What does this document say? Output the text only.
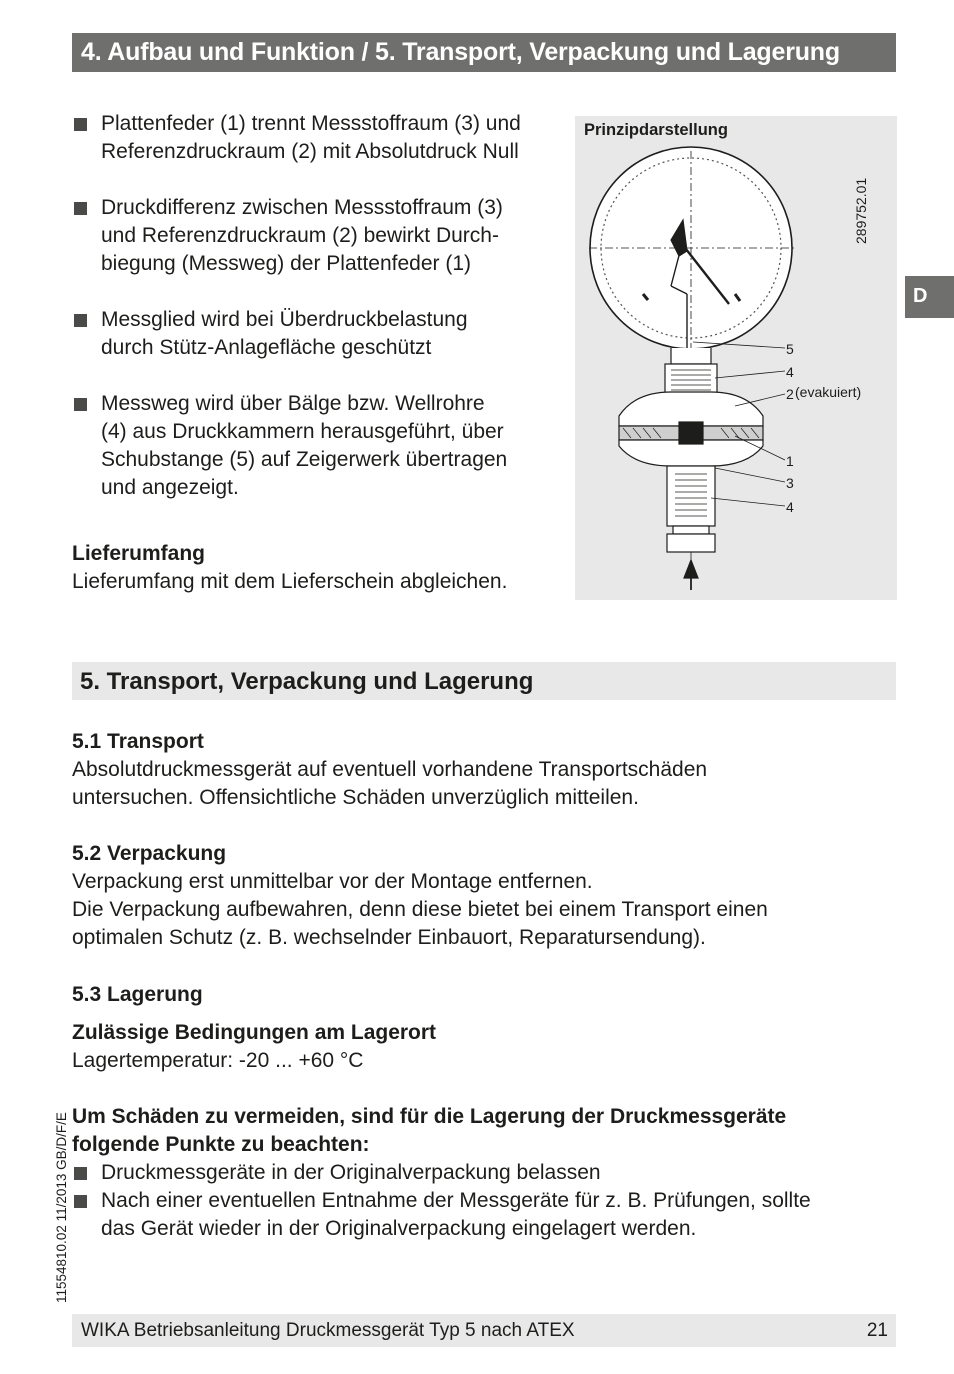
4. Aufbau und Funktion / 5. Transport, Verpackung und Lagerung
D
Plattenfeder (1) trennt Messstoffraum (3) und
Referenzdruckraum (2) mit Absolutdruck Null
Druckdifferenz zwischen Messstoffraum (3)
und Referenzdruckraum (2) bewirkt Durch-
biegung (Messweg) der Plattenfeder (1)
Messglied wird bei Überdruckbelastung
durch Stütz-Anlagefläche geschützt
Messweg wird über Bälge bzw. Wellrohre
(4) aus Druckkammern herausgeführt, über
Schubstange (5) auf Zeigerwerk übertragen
und angezeigt.
Lieferumfang
Lieferumfang mit dem Lieferschein abgleichen.
Prinzipdarstellung
289752.01
5
4
2
1
3
4
(evakuiert)
5. Transport, Verpackung und Lagerung
5.1 Transport
Absolutdruckmessgerät auf eventuell vorhandene Transportschäden
untersuchen. Offensichtliche Schäden unverzüglich mitteilen.
5.2 Verpackung
Verpackung erst unmittelbar vor der Montage entfernen.
Die Verpackung aufbewahren, denn diese bietet bei einem Transport einen
optimalen Schutz (z. B. wechselnder Einbauort, Reparatursendung).
5.3 Lagerung
Zulässige Bedingungen am Lagerort
Lagertemperatur: -20 ... +60 °C
Um Schäden zu vermeiden, sind für die Lagerung der Druckmessgeräte
folgende Punkte zu beachten:
Druckmessgeräte in der Originalverpackung belassen
Nach einer eventuellen Entnahme der Messgeräte für z. B. Prüfungen, sollte
das Gerät wieder in der Originalverpackung eingelagert werden.
11554810.02 11/2013 GB/D/F/E
WIKA Betriebsanleitung Druckmessgerät Typ 5 nach ATEX	21
